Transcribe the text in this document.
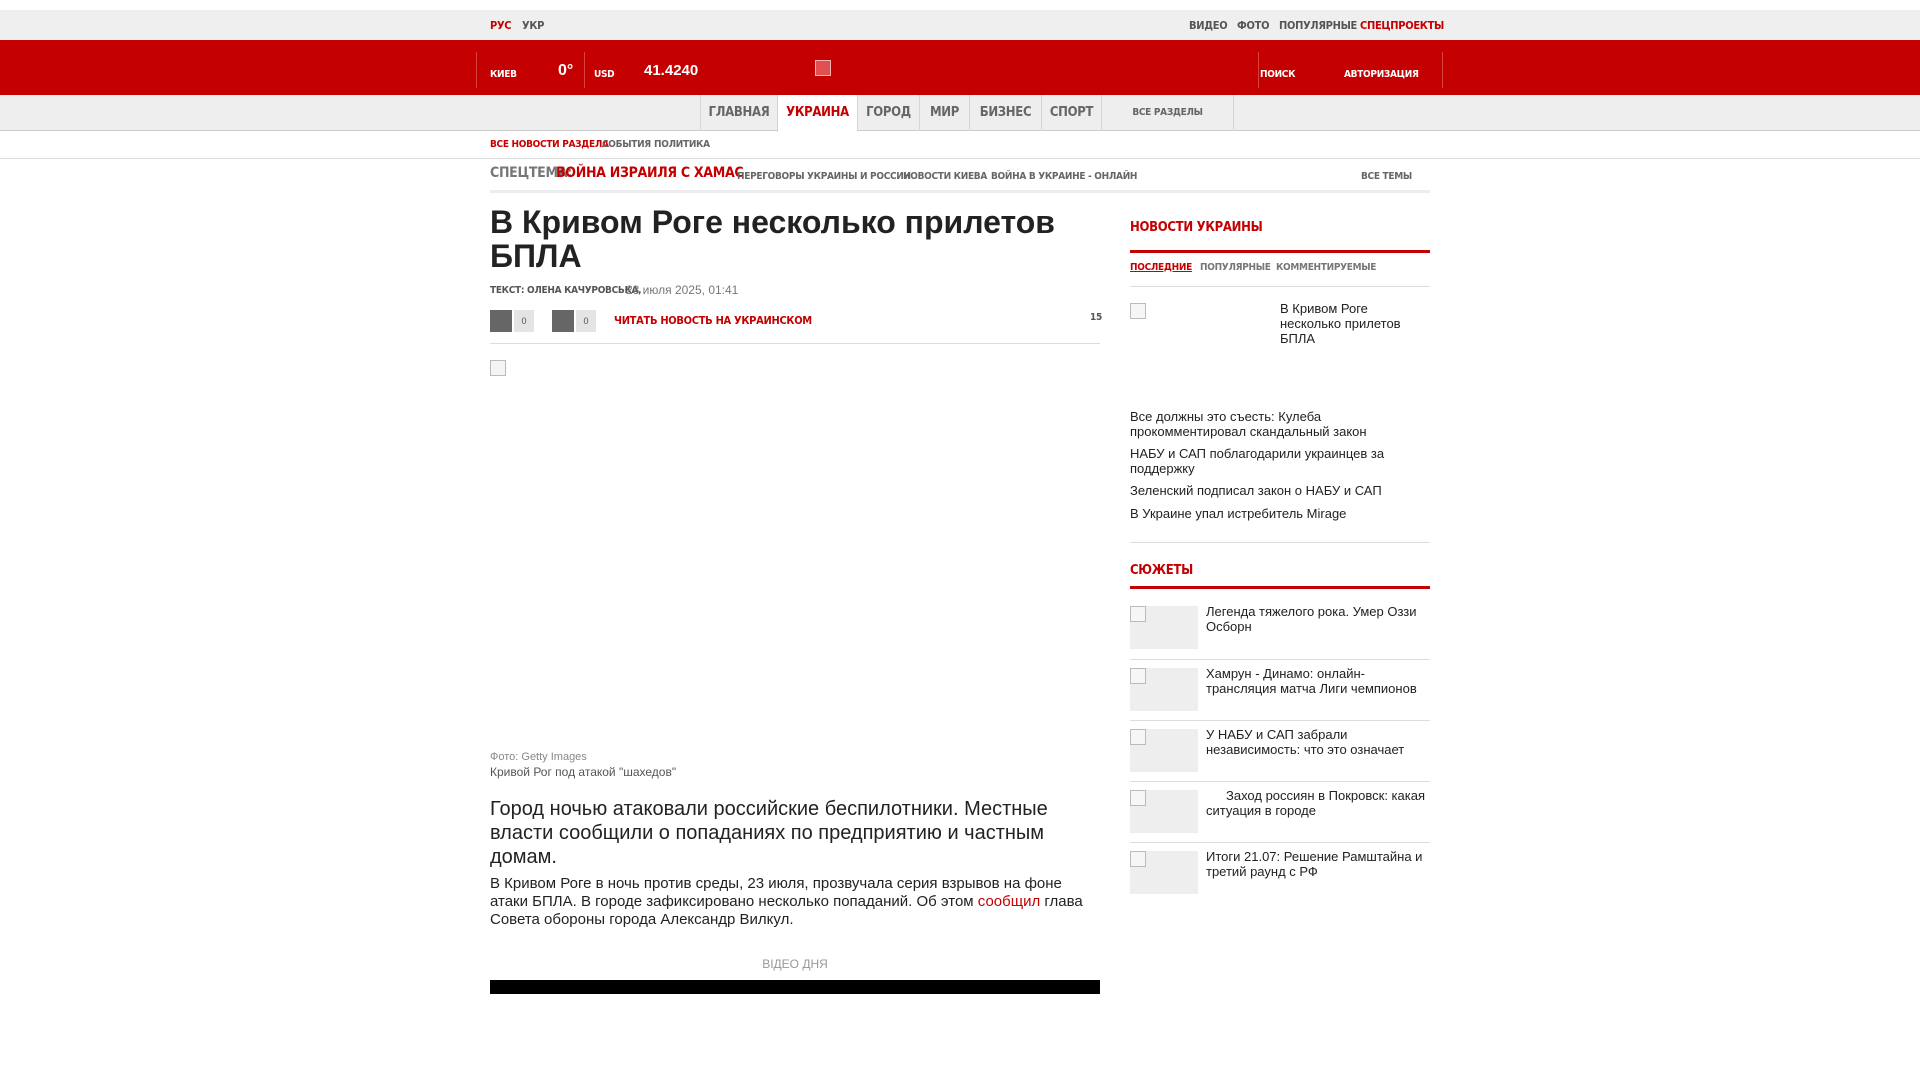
РУС УКР	ВИДЕО ФОТО ПОПУЛЯРНЫЕ СПЕЦПРОЕКТЫ
КИЕВ	0° USD 41.4240	ПОИСК	АВТОРИЗАЦИЯ
ГЛАВНАЯ	УКРАИНА	ГОРОД	МИР	БИЗНЕС	СПОРТ	ВСЕ РАЗДЕЛЫ
ВСЕ НОВОСТИ РАЗДЕЛА
СОБЫТИЯ ПОЛИТИКА
СПЕЦТЕМА:
ВОЙНА ИЗРАИЛЯ С ХАМАС
ПЕРЕГОВОРЫ УКРАИНЫ И РОССИИ
НОВОСТИ КИЕВА ВОЙНА В УКРАИНЕ - ОНЛАЙН	ВСЕ ТЕМЫ
В Кривом Роге несколько прилетов БПЛА
ТЕКСТ: ОЛЕНА КАЧУРОВСЬКА,
23 июля 2025, 01:41
0	0	ЧИТАТЬ НОВОСТЬ НА УКРАИНСКОМ	15
Фото: Getty Images
Кривой Рог под атакой "шахедов"

Город ночью атаковали российские беспилотники. Местные власти сообщили о попаданиях по предприятию и частным домам.

В Кривом Роге в ночь против среды, 23 июля, прозвучала серия взрывов на фоне атаки БПЛА. В городе зафиксировано несколько попаданий. Об этом сообщил глава Совета обороны города Александр Вилкул.

ВІДЕО ДНЯ
НОВОСТИ УКРАИНЫ
ПОСЛЕДНИЕ ПОПУЛЯРНЫЕ КОММЕНТИРУЕМЫЕ
В Кривом Роге несколько прилетов БПЛА
Все должны это съесть: Кулеба прокомментировал скандальный закон
НАБУ и САП поблагодарили украинцев за поддержку
Зеленский подписал закон о НАБУ и САП
В Украине упал истребитель Mirage
СЮЖЕТЫ
Легенда тяжелого рока. Умер Оззи Осборн
Хамрун - Динамо: онлайн-трансляция матча Лиги чемпионов
У НАБУ и САП забрали независимость: что это означает
Заход россиян в Покровск: какая ситуация в городе
Итоги 21.07: Решение Рамштайна и третий раунд с РФ
